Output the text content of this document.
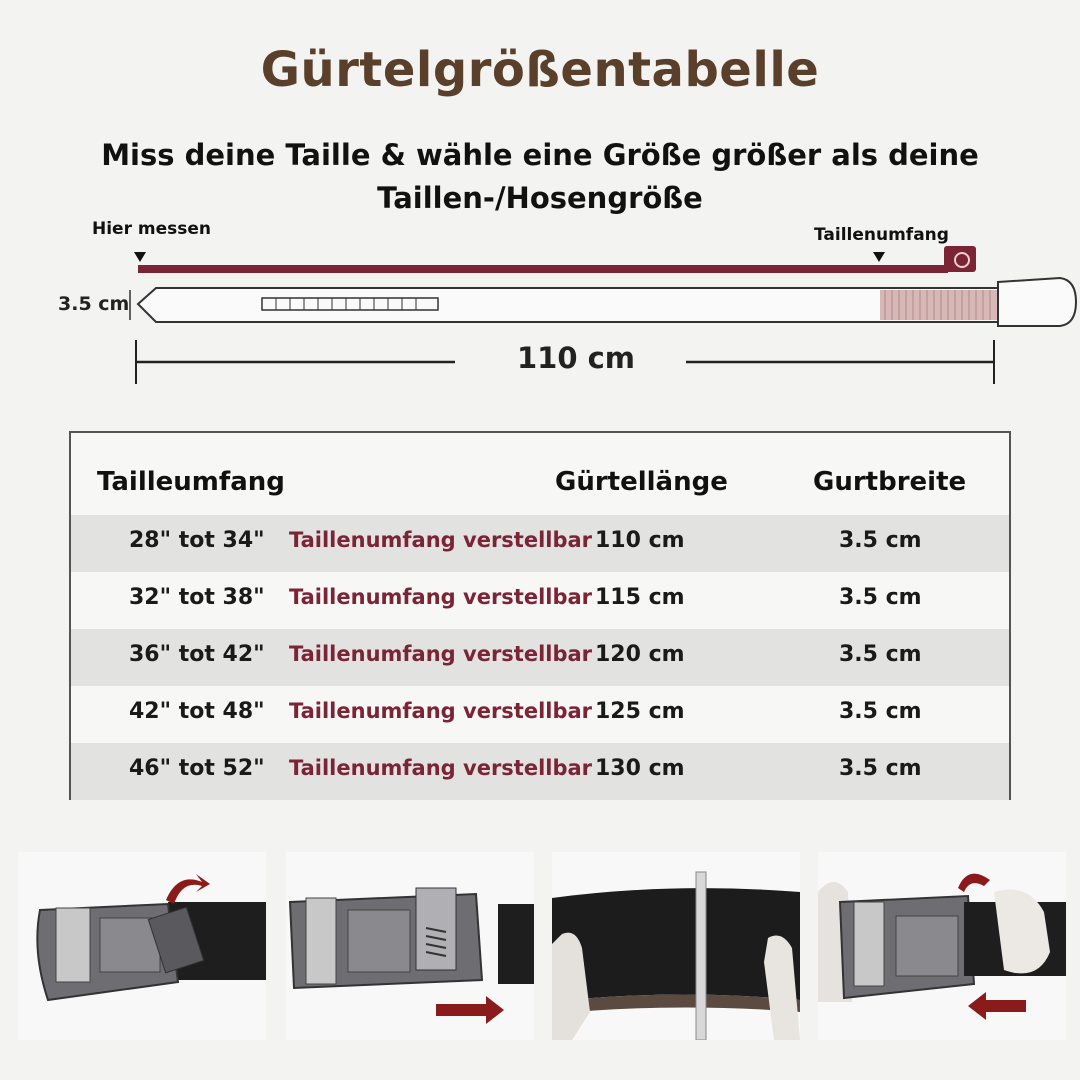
Gürtelgrößentabelle
Miss deine Taille & wähle eine Größe größer als deine Taillen-/Hosengröße
Hier messen	Taillenumfang
3.5 cm
110 cm
Tailleumfang	Gürtellänge	Gurtbreite
28" tot 34" Taillenumfang verstellbar 110 cm	3.5 cm
32" tot 38" Taillenumfang verstellbar 115 cm	3.5 cm
36" tot 42" Taillenumfang verstellbar 120 cm	3.5 cm
42" tot 48" Taillenumfang verstellbar 125 cm	3.5 cm
46" tot 52" Taillenumfang verstellbar 130 cm	3.5 cm
